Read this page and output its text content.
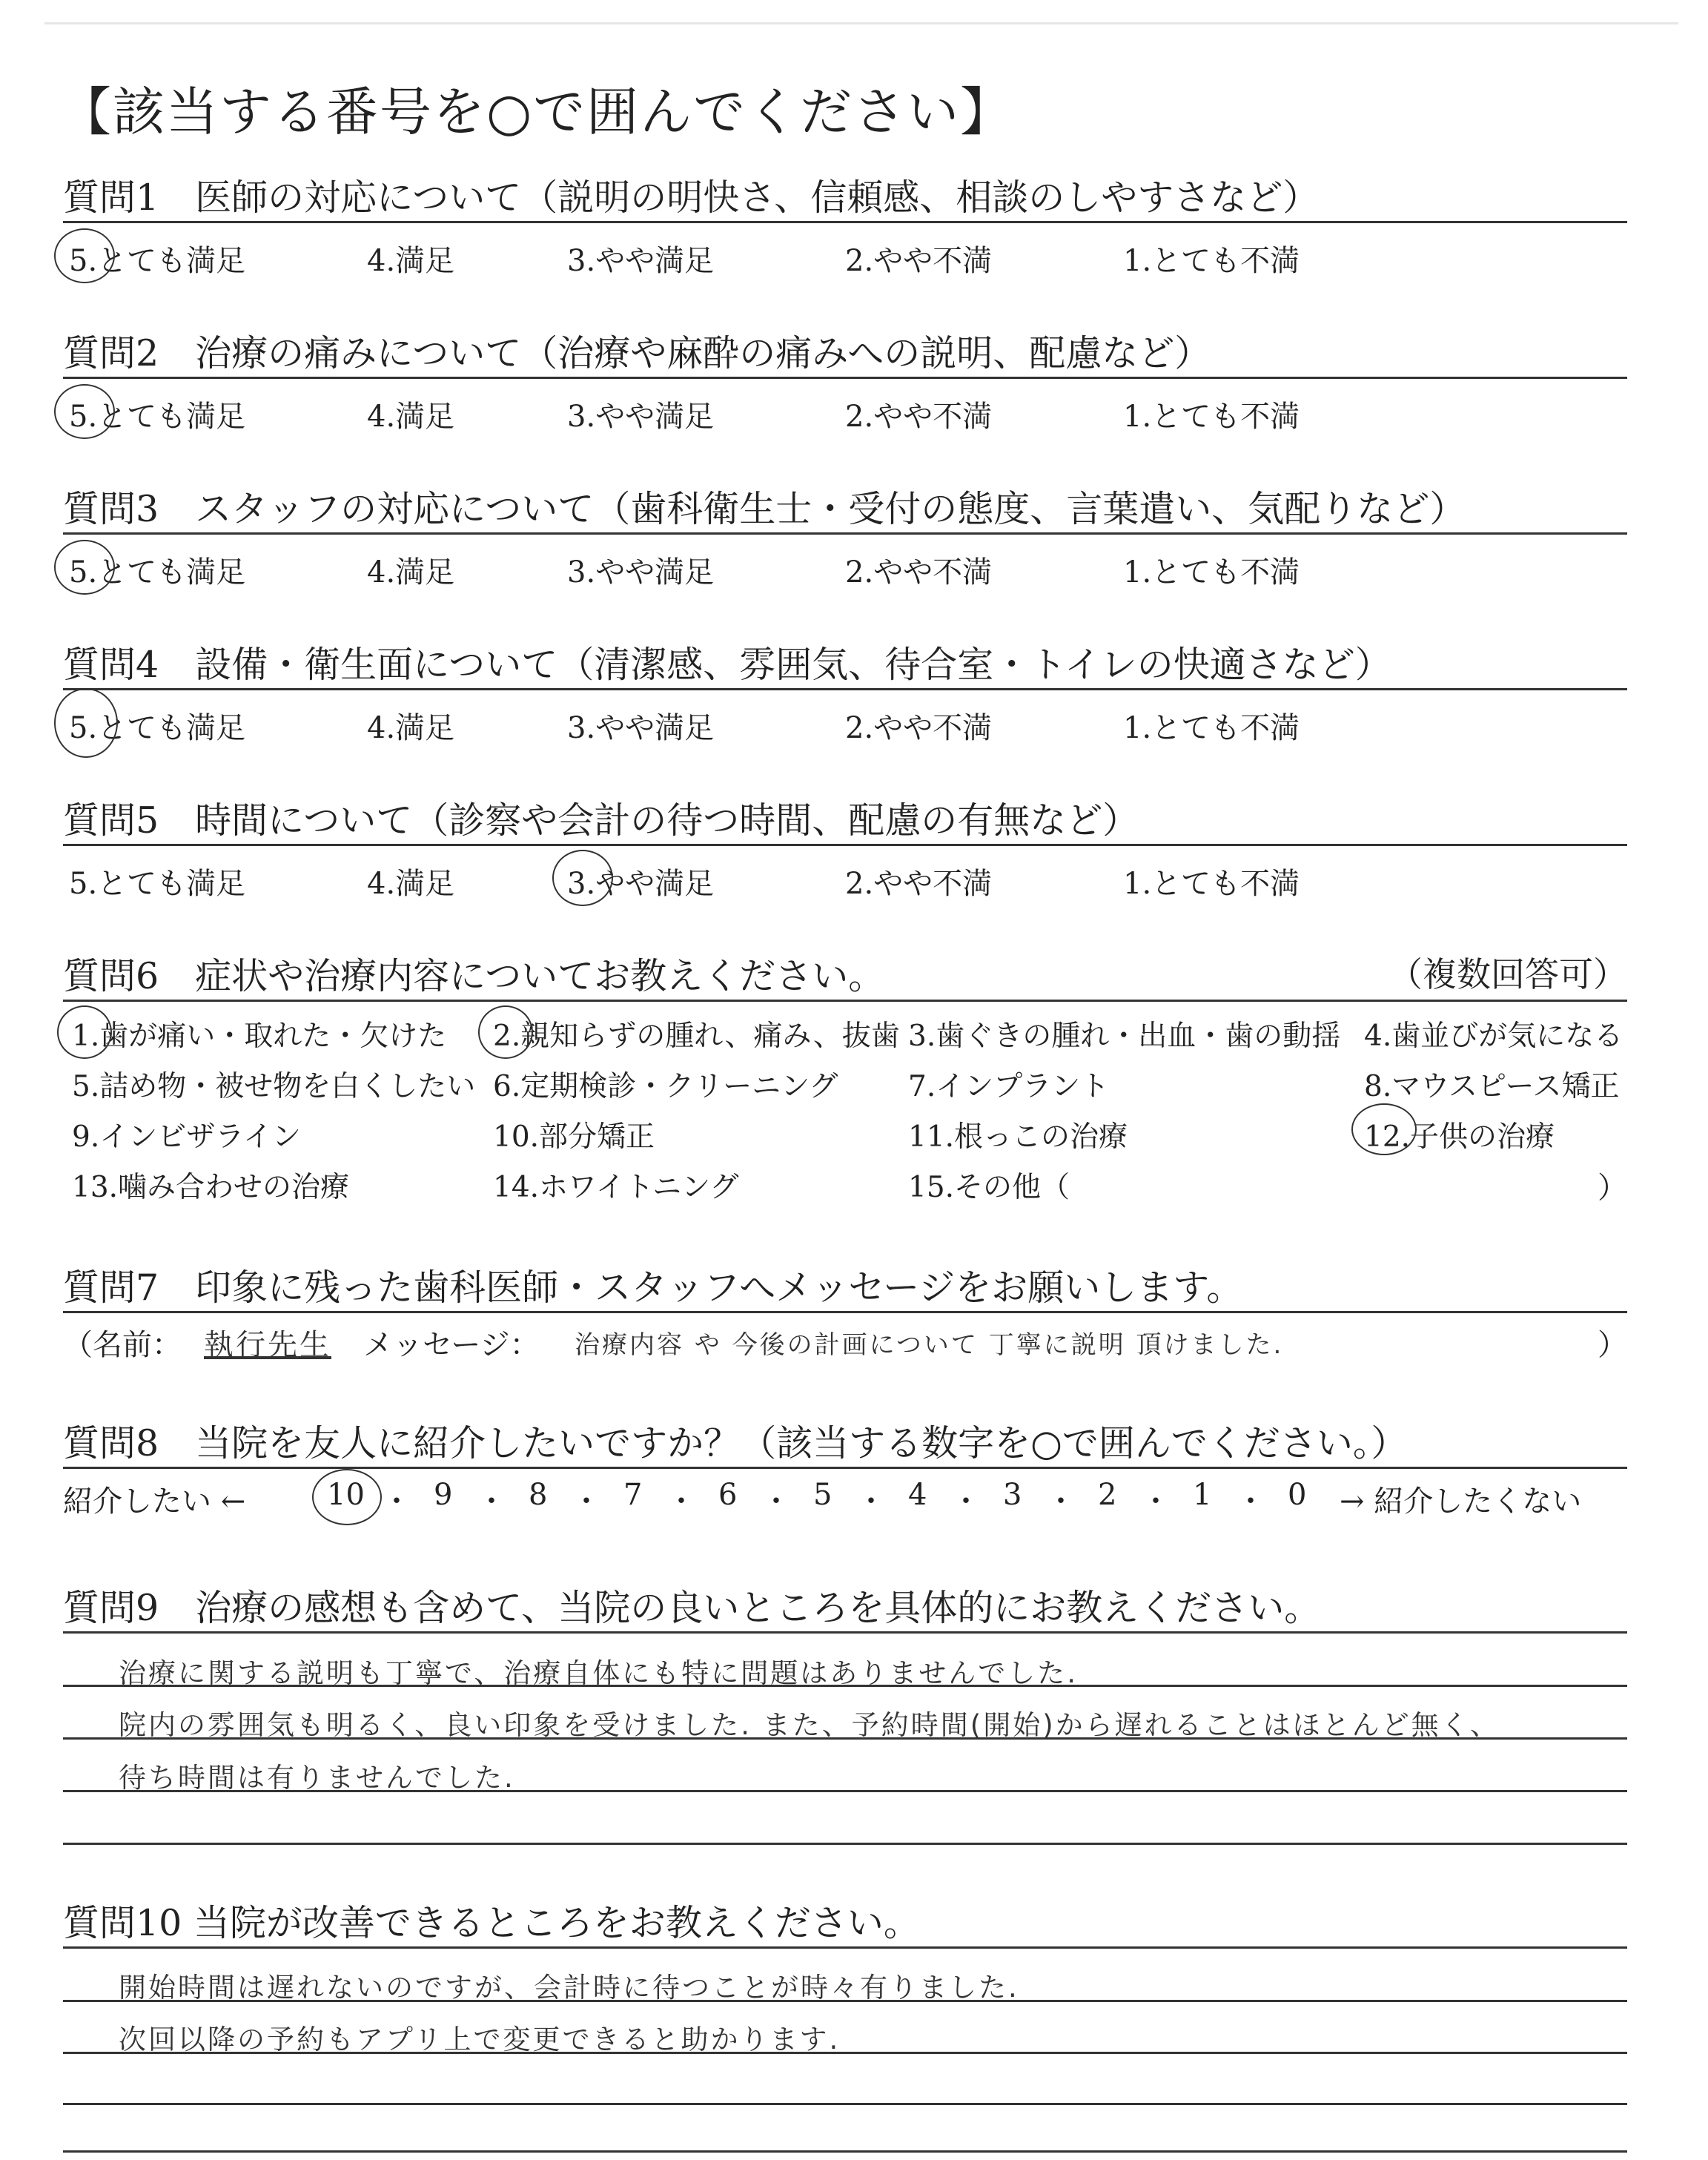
【該当する番号を○で囲んでください】
質問1　医師の対応について（説明の明快さ、信頼感、相談のしやすさなど）
5.とても満足	4.満足	3.やや満足	2.やや不満	1.とても不満
質問2　治療の痛みについて（治療や麻酔の痛みへの説明、配慮など）
5.とても満足	4.満足	3.やや満足	2.やや不満	1.とても不満
質問3　スタッフの対応について（歯科衛生士・受付の態度、言葉遣い、気配りなど）
5.とても満足	4.満足	3.やや満足	2.やや不満	1.とても不満
質問4　設備・衛生面について（清潔感、雰囲気、待合室・トイレの快適さなど）
5.とても満足	4.満足	3.やや満足	2.やや不満	1.とても不満
質問5　時間について（診察や会計の待つ時間、配慮の有無など）
5.とても満足	4.満足	3.やや満足	2.やや不満	1.とても不満
質問6　症状や治療内容についてお教えください。	（複数回答可）
1.歯が痛い・取れた・欠けた 2.親知らずの腫れ、痛み、抜歯 3.歯ぐきの腫れ・出血・歯の動揺 4.歯並びが気になる
5.詰め物・被せ物を白くしたい 6.定期検診・クリーニング 7.インプラント	8.マウスピース矯正
9.インビザライン	10.部分矯正	11.根っこの治療	12.子供の治療
13.噛み合わせの治療	14.ホワイトニング	15.その他（	）
質問7　印象に残った歯科医師・スタッフへメッセージをお願いします。
（名前： 執行先生 メッセージ： 治療内容 や 今後の計画について 丁寧に説明 頂けました.	）
質問8　当院を友人に紹介したいですか？（該当する数字を○で囲んでください。）
紹介したい ←	10 ・ 9 ・ 8 ・ 7 ・ 6 ・ 5 ・ 4 ・ 3 ・ 2 ・ 1 ・ 0 → 紹介したくない
質問9　治療の感想も含めて、当院の良いところを具体的にお教えください。
治療に関する説明も丁寧で、治療自体にも特に問題はありませんでした.
院内の雰囲気も明るく、良い印象を受けました. また、予約時間(開始)から遅れることはほとんど無く、
待ち時間は有りませんでした.
質問10 当院が改善できるところをお教えください。
開始時間は遅れないのですが、会計時に待つことが時々有りました.
次回以降の予約もアプリ上で変更できると助かります.
